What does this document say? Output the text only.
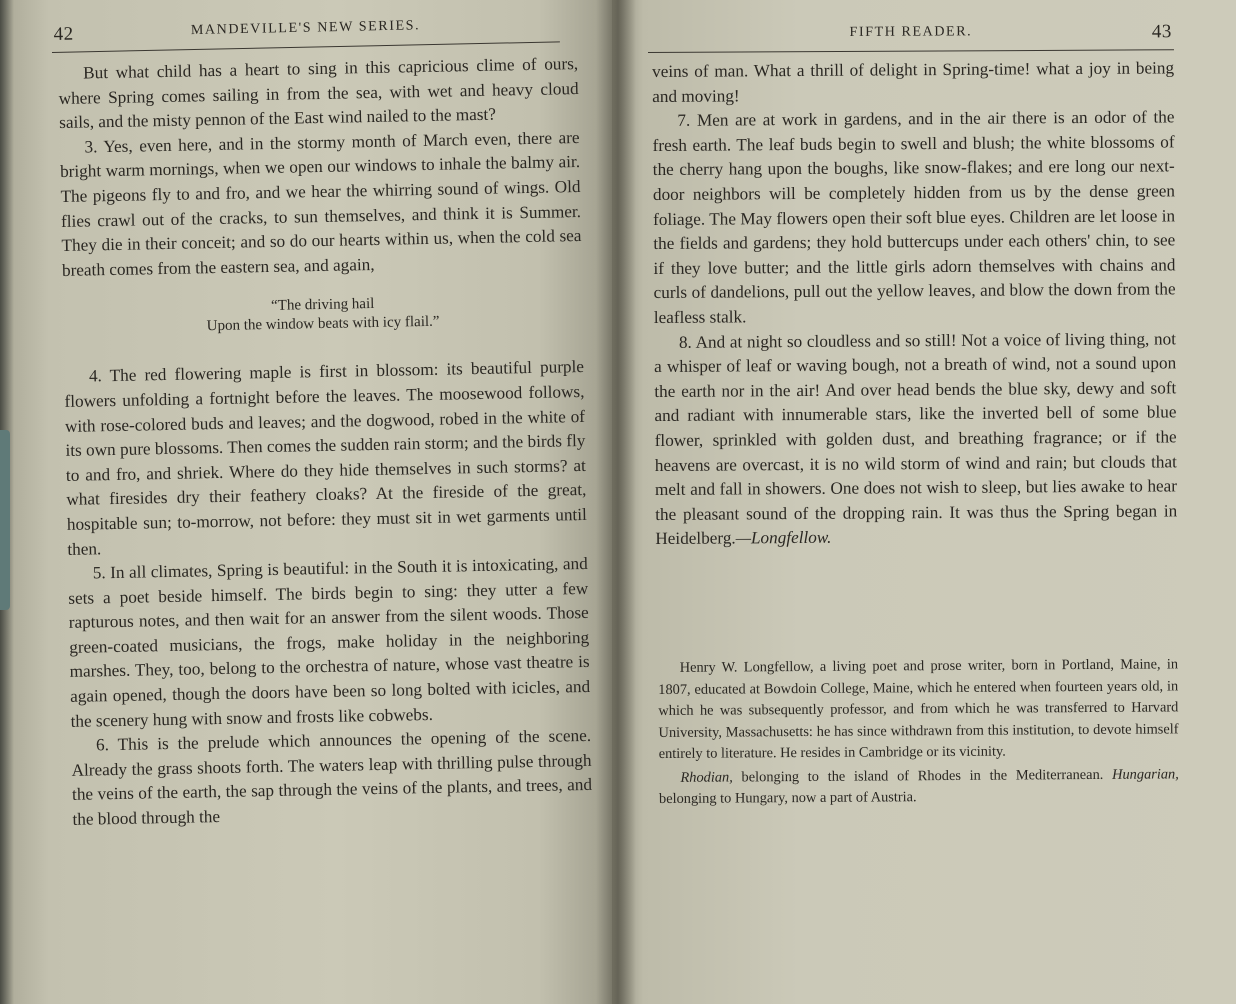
42	MANDEVILLE'S NEW SERIES.

But what child has a heart to sing in this capricious clime of ours, where Spring comes sailing in from the sea, with wet and heavy cloud sails, and the misty pennon of the East wind nailed to the mast?

3. Yes, even here, and in the stormy month of March even, there are bright warm mornings, when we open our windows to inhale the balmy air. The pigeons fly to and fro, and we hear the whirring sound of wings. Old flies crawl out of the cracks, to sun themselves, and think it is Summer. They die in their conceit; and so do our hearts within us, when the cold sea breath comes from the eastern sea, and again,

“The driving hail
Upon the window beats with icy flail.”

4. The red flowering maple is first in blossom: its beautiful purple flowers unfolding a fortnight before the leaves. The moosewood follows, with rose-colored buds and leaves; and the dogwood, robed in the white of its own pure blossoms. Then comes the sudden rain storm; and the birds fly to and fro, and shriek. Where do they hide themselves in such storms? at what firesides dry their feathery cloaks? At the fireside of the great, hospitable sun; to-morrow, not before: they must sit in wet garments until then.

5. In all climates, Spring is beautiful: in the South it is intoxicating, and sets a poet beside himself. The birds begin to sing: they utter a few rapturous notes, and then wait for an answer from the silent woods. Those green-coated musicians, the frogs, make holiday in the neighboring marshes. They, too, belong to the orchestra of nature, whose vast theatre is again opened, though the doors have been so long bolted with icicles, and the scenery hung with snow and frosts like cobwebs.

6. This is the prelude which announces the opening of the scene. Already the grass shoots forth. The waters leap with thrilling pulse through the veins of the earth, the sap through the veins of the plants, and trees, and the blood through the

FIFTH READER.	43

veins of man. What a thrill of delight in Spring-time! what a joy in being and moving!

7. Men are at work in gardens, and in the air there is an odor of the fresh earth. The leaf buds begin to swell and blush; the white blossoms of the cherry hang upon the boughs, like snow-flakes; and ere long our next-door neighbors will be completely hidden from us by the dense green foliage. The May flowers open their soft blue eyes. Children are let loose in the fields and gardens; they hold buttercups under each others' chin, to see if they love butter; and the little girls adorn themselves with chains and curls of dandelions, pull out the yellow leaves, and blow the down from the leafless stalk.

8. And at night so cloudless and so still! Not a voice of living thing, not a whisper of leaf or waving bough, not a breath of wind, not a sound upon the earth nor in the air! And over head bends the blue sky, dewy and soft and radiant with innumerable stars, like the inverted bell of some blue flower, sprinkled with golden dust, and breathing fragrance; or if the heavens are overcast, it is no wild storm of wind and rain; but clouds that melt and fall in showers. One does not wish to sleep, but lies awake to hear the pleasant sound of the dropping rain. It was thus the Spring began in Heidelberg.—Longfellow.

Henry W. Longfellow, a living poet and prose writer, born in Portland, Maine, in 1807, educated at Bowdoin College, Maine, which he entered when fourteen years old, in which he was subsequently professor, and from which he was transferred to Harvard University, Massachusetts: he has since withdrawn from this institution, to devote himself entirely to literature. He resides in Cambridge or its vicinity.

Rhodian, belonging to the island of Rhodes in the Mediterranean. Hungarian, belonging to Hungary, now a part of Austria.
